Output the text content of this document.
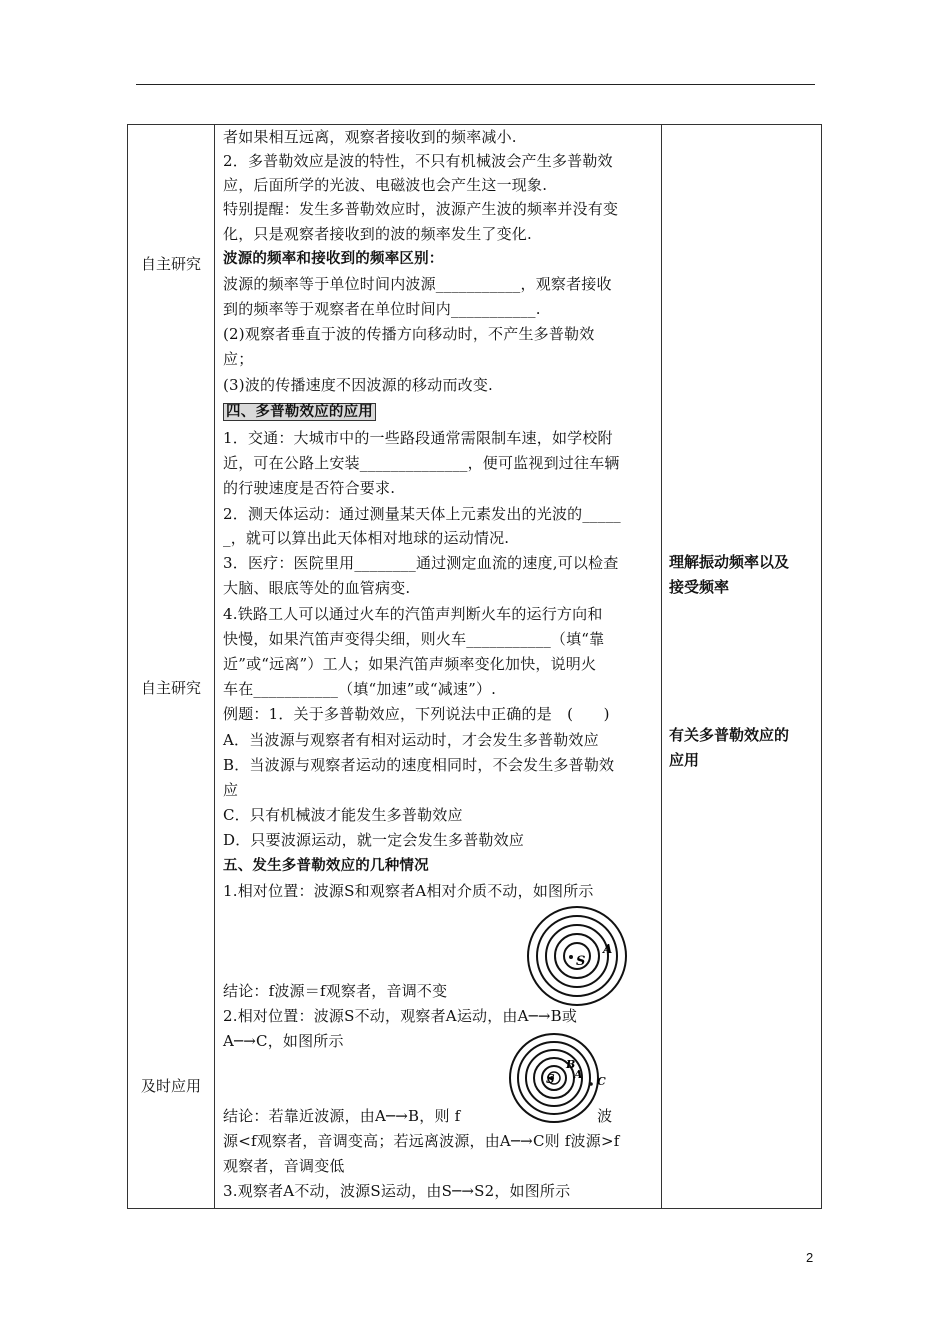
自主研究
自主研究
及时应用
者如果相互远离，观察者接收到的频率减小.
2．多普勒效应是波的特性，不只有机械波会产生多普勒效
应，后面所学的光波、电磁波也会产生这一现象.
特别提醒：发生多普勒效应时，波源产生波的频率并没有变
化，只是观察者接收到的波的频率发生了变化.
波源的频率和接收到的频率区别：
波源的频率等于单位时间内波源___________，观察者接收
到的频率等于观察者在单位时间内___________.
(2)观察者垂直于波的传播方向移动时，不产生多普勒效
应；
(3)波的传播速度不因波源的移动而改变.
四、多普勒效应的应用
1．交通：大城市中的一些路段通常需限制车速，如学校附
近，可在公路上安装______________，便可监视到过往车辆
的行驶速度是否符合要求.
2．测天体运动：通过测量某天体上元素发出的光波的_____
_，就可以算出此天体相对地球的运动情况.
3．医疗：医院里用________通过测定血流的速度,可以检查
大脑、眼底等处的血管病变.
4.铁路工人可以通过火车的汽笛声判断火车的运行方向和
快慢，如果汽笛声变得尖细，则火车___________（填“靠
近”或“远离”）工人；如果汽笛声频率变化加快，说明火
车在___________（填“加速”或“减速”）.
例题：1．关于多普勒效应，下列说法中正确的是　(　　)
A．当波源与观察者有相对运动时，才会发生多普勒效应
B．当波源与观察者运动的速度相同时，不会发生多普勒效
应
C．只有机械波才能发生多普勒效应
D．只要波源运动，就一定会发生多普勒效应
五、发生多普勒效应的几种情况
1.相对位置：波源S和观察者A相对介质不动，如图所示
结论：f波源＝f观察者，音调不变
2.相对位置：波源S不动，观察者A运动，由A─→B或
A─→C，如图所示
结论：若靠近波源，由A─→B，则 f　　　　　　　　　波
源<f观察者，音调变高；若远离波源，由A─→C则 f波源>f
观察者，音调变低
3.观察者A不动，波源S运动，由S─→S2，如图所示
S
A
S
B
A
C
理解振动频率以及
接受频率
有关多普勒效应的
应用
2
